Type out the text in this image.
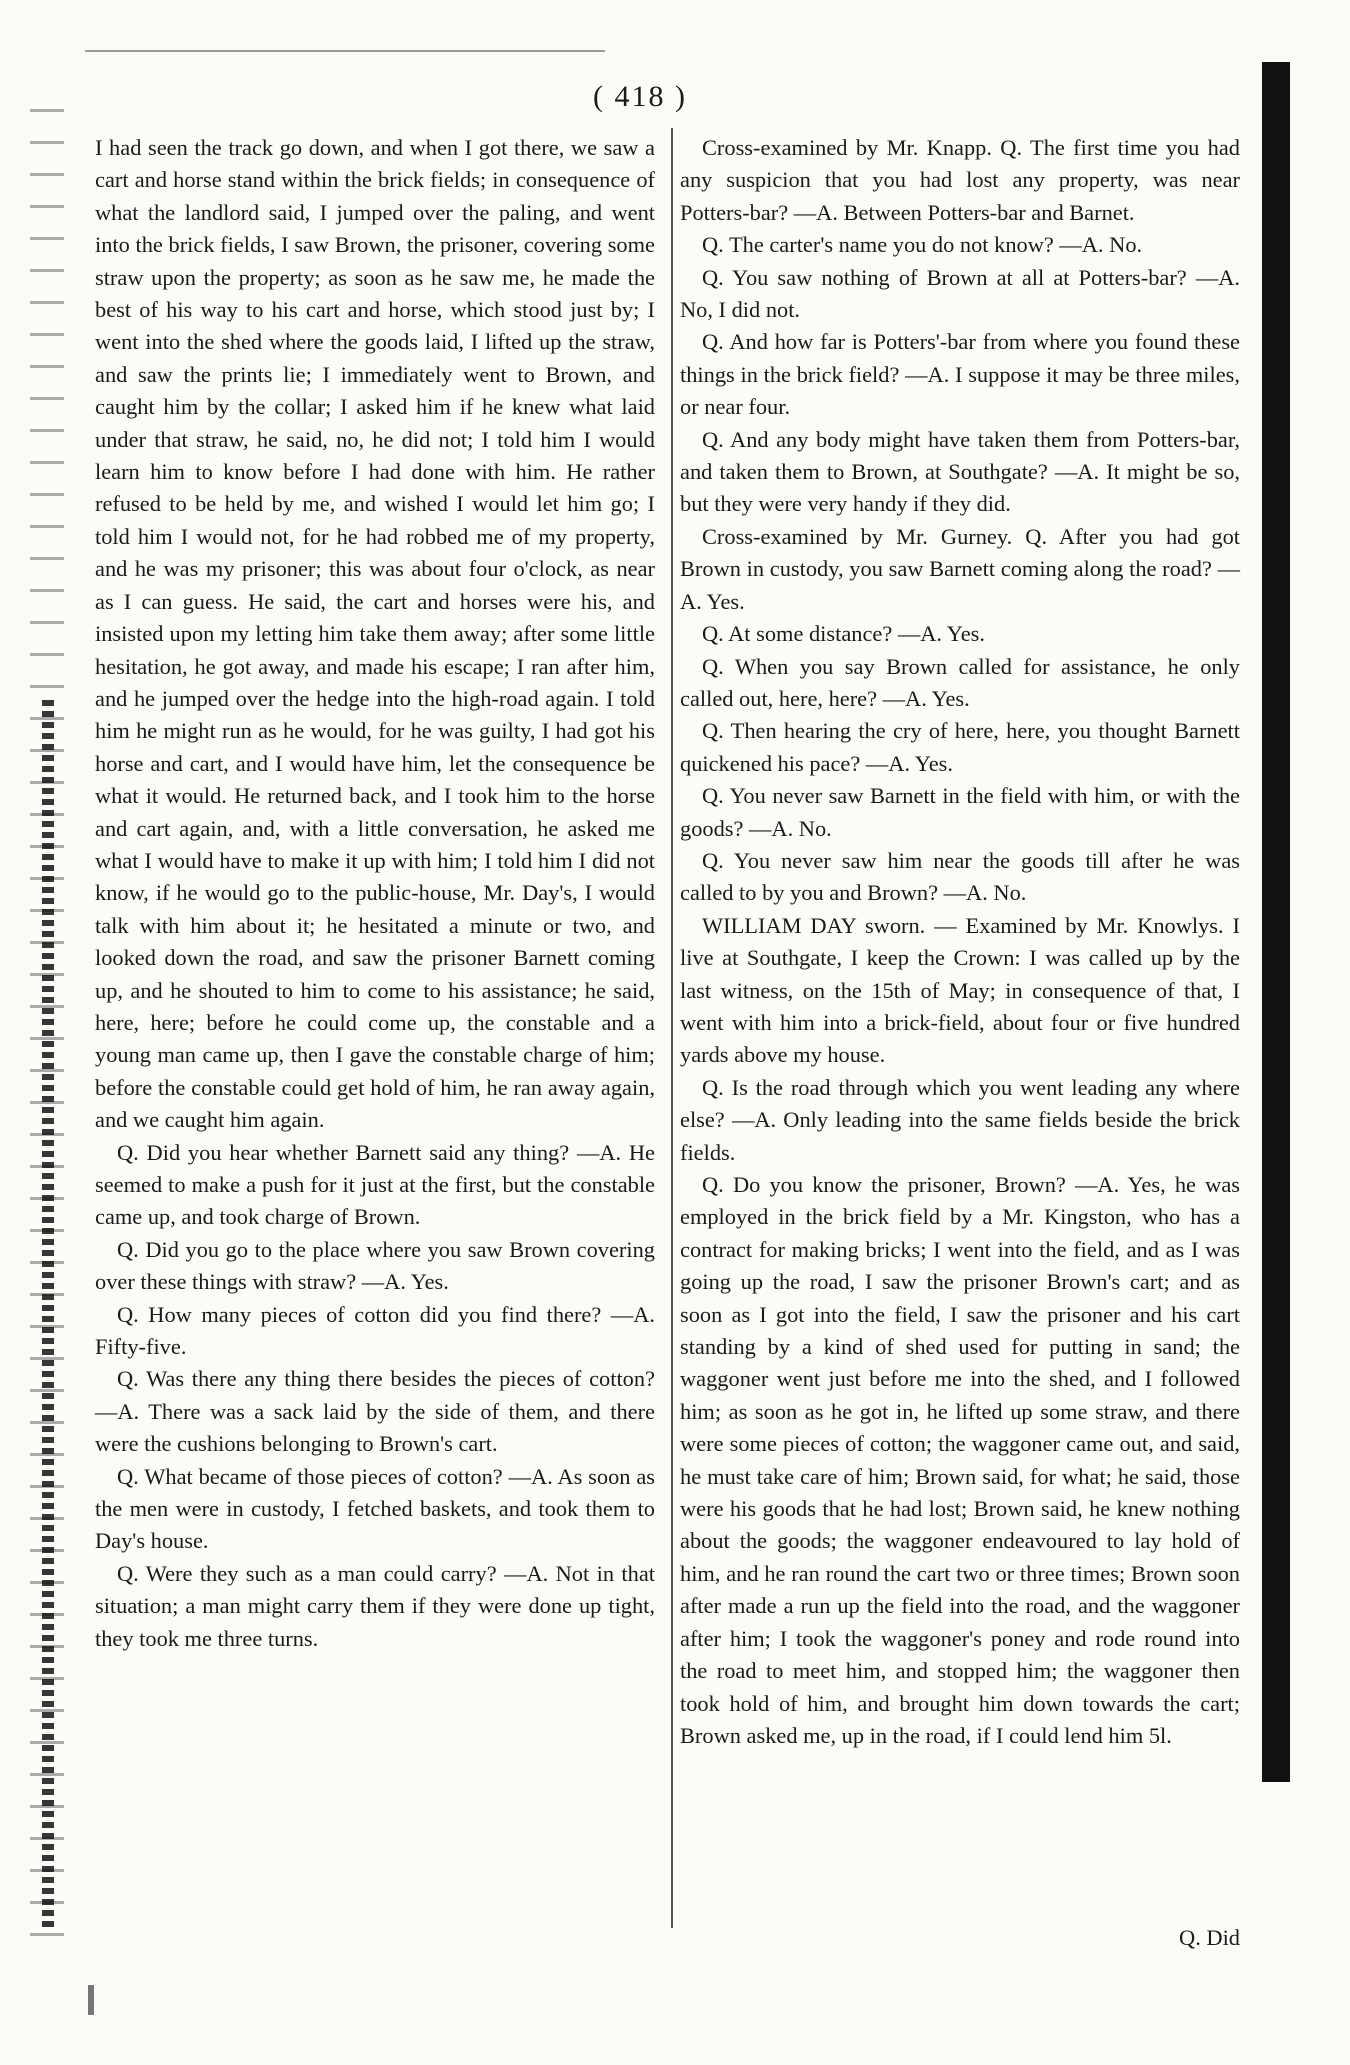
( 418 )

I had seen the track go down, and when I got there, we saw a cart and horse stand within the brick fields; in consequence of what the landlord said, I jumped over the paling, and went into the brick fields, I saw Brown, the prisoner, covering some straw upon the property; as soon as he saw me, he made the best of his way to his cart and horse, which stood just by; I went into the shed where the goods laid, I lifted up the straw, and saw the prints lie; I immediately went to Brown, and caught him by the collar; I asked him if he knew what laid under that straw, he said, no, he did not; I told him I would learn him to know before I had done with him. He rather refused to be held by me, and wished I would let him go; I told him I would not, for he had robbed me of my property, and he was my prisoner; this was about four o'clock, as near as I can guess. He said, the cart and horses were his, and insisted upon my letting him take them away; after some little hesitation, he got away, and made his escape; I ran after him, and he jumped over the hedge into the high-road again. I told him he might run as he would, for he was guilty, I had got his horse and cart, and I would have him, let the consequence be what it would. He returned back, and I took him to the horse and cart again, and, with a little conversation, he asked me what I would have to make it up with him; I told him I did not know, if he would go to the public-house, Mr. Day's, I would talk with him about it; he hesitated a minute or two, and looked down the road, and saw the prisoner Barnett coming up, and he shouted to him to come to his assistance; he said, here, here; before he could come up, the constable and a young man came up, then I gave the constable charge of him; before the constable could get hold of him, he ran away again, and we caught him again.

Q. Did you hear whether Barnett said any thing? —A. He seemed to make a push for it just at the first, but the constable came up, and took charge of Brown.

Q. Did you go to the place where you saw Brown covering over these things with straw? —A. Yes.

Q. How many pieces of cotton did you find there? —A. Fifty-five.

Q. Was there any thing there besides the pieces of cotton? —A. There was a sack laid by the side of them, and there were the cushions belonging to Brown's cart.

Q. What became of those pieces of cotton? —A. As soon as the men were in custody, I fetched baskets, and took them to Day's house.

Q. Were they such as a man could carry? —A. Not in that situation; a man might carry them if they were done up tight, they took me three turns.

Cross-examined by Mr. Knapp. Q. The first time you had any suspicion that you had lost any property, was near Potters-bar? —A. Between Potters-bar and Barnet.

Q. The carter's name you do not know? —A. No.

Q. You saw nothing of Brown at all at Potters-bar? —A. No, I did not.

Q. And how far is Potters'-bar from where you found these things in the brick field? —A. I suppose it may be three miles, or near four.

Q. And any body might have taken them from Potters-bar, and taken them to Brown, at Southgate? —A. It might be so, but they were very handy if they did.

Cross-examined by Mr. Gurney. Q. After you had got Brown in custody, you saw Barnett coming along the road? —A. Yes.

Q. At some distance? —A. Yes.

Q. When you say Brown called for assistance, he only called out, here, here? —A. Yes.

Q. Then hearing the cry of here, here, you thought Barnett quickened his pace? —A. Yes.

Q. You never saw Barnett in the field with him, or with the goods? —A. No.

Q. You never saw him near the goods till after he was called to by you and Brown? —A. No.

WILLIAM DAY sworn. — Examined by Mr. Knowlys. I live at Southgate, I keep the Crown: I was called up by the last witness, on the 15th of May; in consequence of that, I went with him into a brick-field, about four or five hundred yards above my house.

Q. Is the road through which you went leading any where else? —A. Only leading into the same fields beside the brick fields.

Q. Do you know the prisoner, Brown? —A. Yes, he was employed in the brick field by a Mr. Kingston, who has a contract for making bricks; I went into the field, and as I was going up the road, I saw the prisoner Brown's cart; and as soon as I got into the field, I saw the prisoner and his cart standing by a kind of shed used for putting in sand; the waggoner went just before me into the shed, and I followed him; as soon as he got in, he lifted up some straw, and there were some pieces of cotton; the waggoner came out, and said, he must take care of him; Brown said, for what; he said, those were his goods that he had lost; Brown said, he knew nothing about the goods; the waggoner endeavoured to lay hold of him, and he ran round the cart two or three times; Brown soon after made a run up the field into the road, and the waggoner after him; I took the waggoner's poney and rode round into the road to meet him, and stopped him; the waggoner then took hold of him, and brought him down towards the cart; Brown asked me, up in the road, if I could lend him 5l.

Q. Did
